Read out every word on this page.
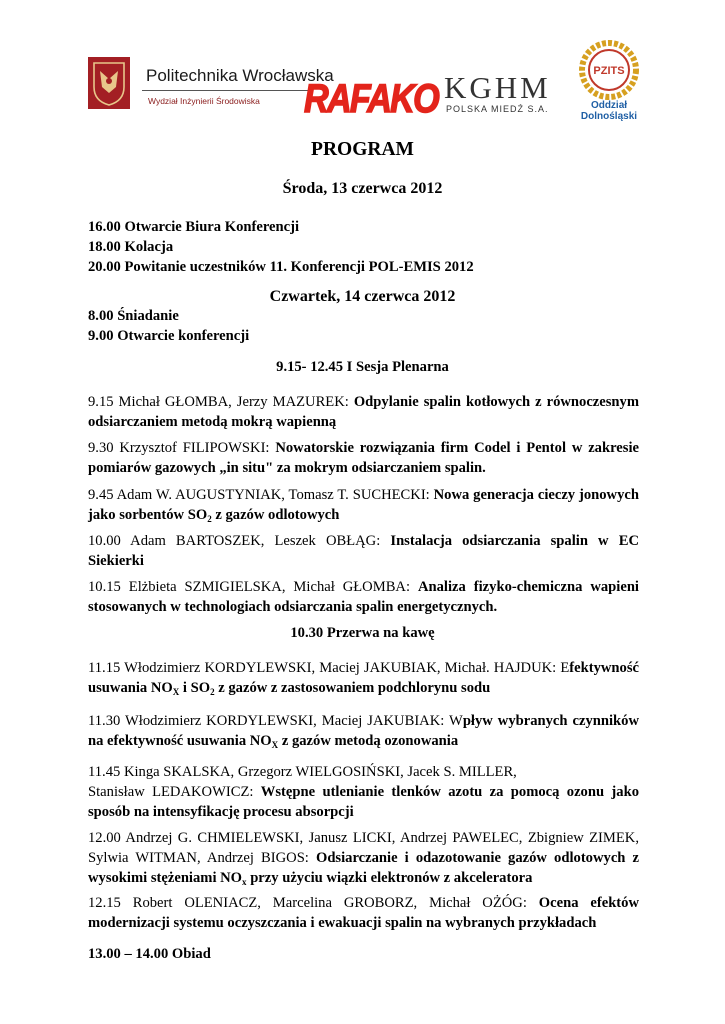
Politechnika Wrocławska
Wydział Inżynierii Środowiska RAFAKO KGHM
POLSKA MIEDŹ S.A.
PZITS
Oddział
Dolnośląski
PROGRAM
Środa, 13 czerwca 2012
16.00 Otwarcie Biura Konferencji
18.00 Kolacja
20.00 Powitanie uczestników 11. Konferencji POL-EMIS 2012
Czwartek, 14 czerwca 2012
8.00 Śniadanie
9.00 Otwarcie konferencji
9.15- 12.45 I Sesja Plenarna
9.15 Michał GŁOMBA, Jerzy MAZUREK: Odpylanie spalin kotłowych z równoczesnym
odsiarczaniem metodą mokrą wapienną
9.30 Krzysztof FILIPOWSKI: Nowatorskie rozwiązania firm Codel i Pentol w zakresie
pomiarów gazowych „in situ" za mokrym odsiarczaniem spalin.
9.45 Adam W. AUGUSTYNIAK, Tomasz T. SUCHECKI: Nowa generacja cieczy jonowych
jako sorbentów $SO_2$ z gazów odlotowych
10.00 Adam BARTOSZEK, Leszek OBŁĄG: Instalacja odsiarczania spalin w EC
Siekierki
10.15 Elżbieta SZMIGIELSKA, Michał GŁOMBA: Analiza fizyko-chemiczna wapieni
stosowanych w technologiach odsiarczania spalin energetycznych.
10.30 Przerwa na kawę
11.15 Włodzimierz KORDYLEWSKI, Maciej JAKUBIAK, Michał. HAJDUK: Efektywność
usuwania $NO_X$ i $SO_2$ z gazów z zastosowaniem podchlorynu sodu
11.30 Włodzimierz KORDYLEWSKI, Maciej JAKUBIAK: Wpływ wybranych czynników
na efektywność usuwania $NO_X$ z gazów metodą ozonowania
11.45 Kinga SKALSKA, Grzegorz WIELGOSIŃSKI, Jacek S. MILLER,
Stanisław LEDAKOWICZ: Wstępne utlenianie tlenków azotu za pomocą ozonu jako
sposób na intensyfikację procesu absorpcji
12.00 Andrzej G. CHMIELEWSKI, Janusz LICKI, Andrzej PAWELEC, Zbigniew ZIMEK,
Sylwia WITMAN, Andrzej BIGOS: Odsiarczanie i odazotowanie gazów odlotowych z
wysokimi stężeniami $NO_x$ przy użyciu wiązki elektronów z akceleratora
12.15 Robert OLENIACZ, Marcelina GROBORZ, Michał OŻÓG: Ocena efektów
modernizacji systemu oczyszczania i ewakuacji spalin na wybranych przykładach
13.00 – 14.00 Obiad
